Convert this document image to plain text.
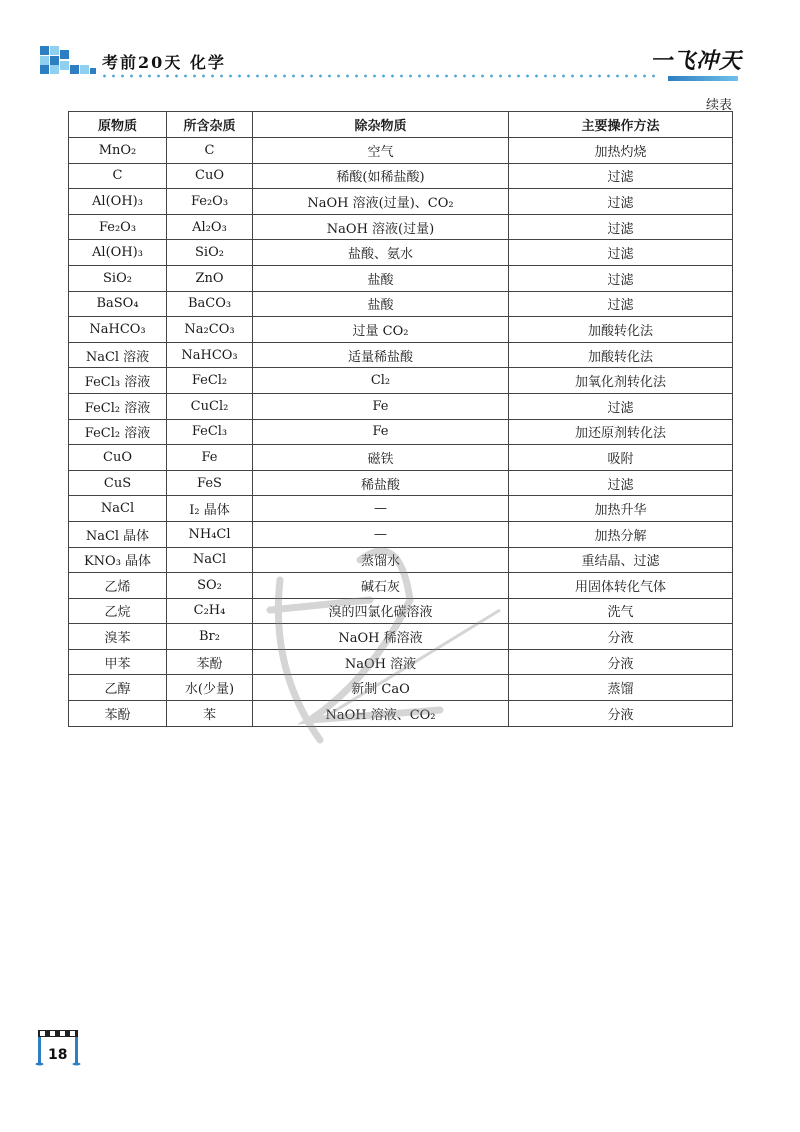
考前20天 化学	一飞冲天
续表
原物质	所含杂质	除杂物质	主要操作方法
MnO₂	C	空气	加热灼烧
C	CuO	稀酸(如稀盐酸)	过滤
Al(OH)₃	Fe₂O₃	NaOH 溶液(过量)、CO₂	过滤
Fe₂O₃	Al₂O₃	NaOH 溶液(过量)	过滤
Al(OH)₃	SiO₂	盐酸、氨水	过滤
SiO₂	ZnO	盐酸	过滤
BaSO₄	BaCO₃	盐酸	过滤
NaHCO₃	Na₂CO₃	过量 CO₂	加酸转化法
NaCl 溶液	NaHCO₃	适量稀盐酸	加酸转化法
FeCl₃ 溶液	FeCl₂	Cl₂	加氧化剂转化法
FeCl₂ 溶液	CuCl₂	Fe	过滤
FeCl₂ 溶液	FeCl₃	Fe	加还原剂转化法
CuO	Fe	磁铁	吸附
CuS	FeS	稀盐酸	过滤
NaCl	I₂ 晶体	—	加热升华
NaCl 晶体	NH₄Cl	—	加热分解
KNO₃ 晶体	NaCl	蒸馏水	重结晶、过滤
乙烯	SO₂	碱石灰	用固体转化气体
乙烷	C₂H₄	溴的四氯化碳溶液	洗气
溴苯	Br₂	NaOH 稀溶液	分液
甲苯	苯酚	NaOH 溶液	分液
乙醇	水(少量)	新制 CaO	蒸馏
苯酚	苯	NaOH 溶液、CO₂	分液
18
